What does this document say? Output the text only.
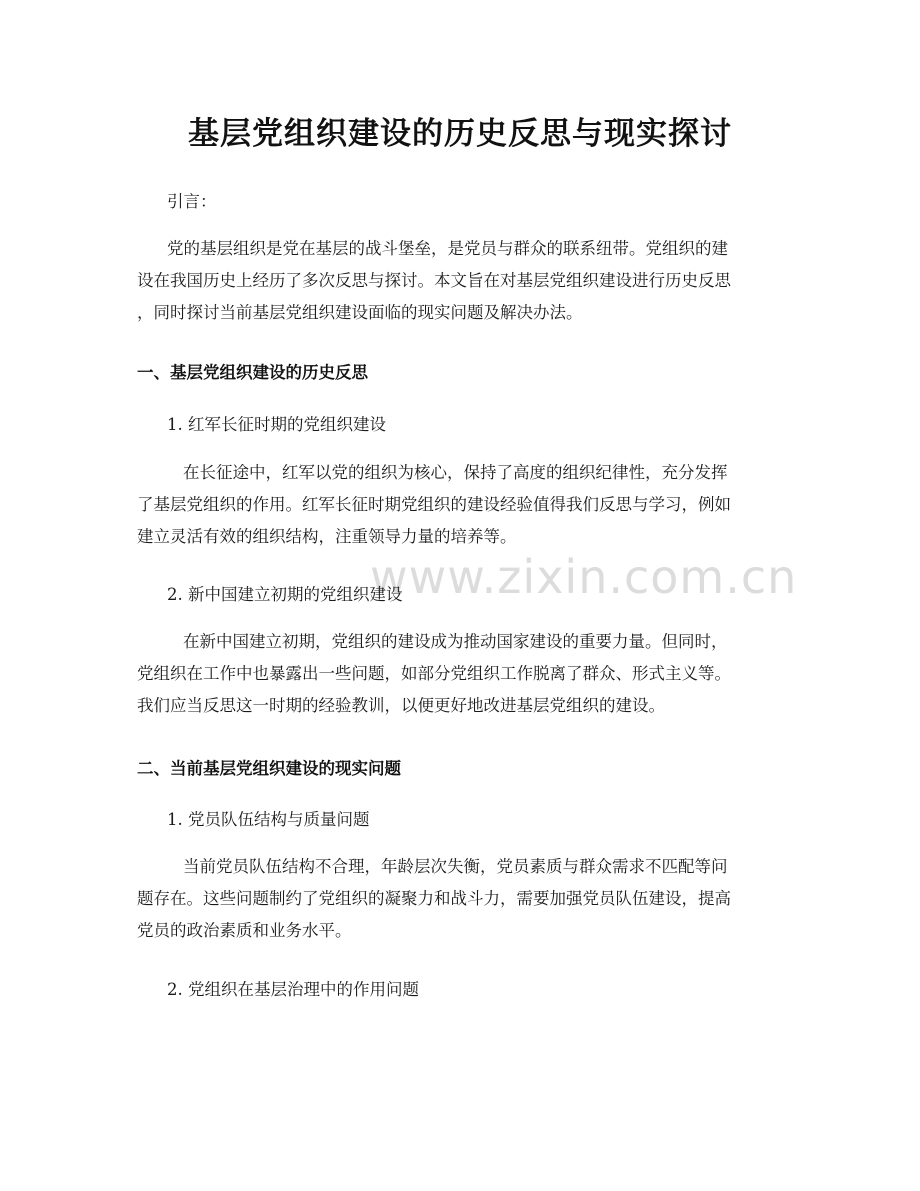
www.zixin.com.cn
基层党组织建设的历史反思与现实探讨
引言：
党的基层组织是党在基层的战斗堡垒，是党员与群众的联系纽带。党组织的建
设在我国历史上经历了多次反思与探讨。本文旨在对基层党组织建设进行历史反思
，同时探讨当前基层党组织建设面临的现实问题及解决办法。
一、基层党组织建设的历史反思
1. 红军长征时期的党组织建设
在长征途中，红军以党的组织为核心，保持了高度的组织纪律性，充分发挥
了基层党组织的作用。红军长征时期党组织的建设经验值得我们反思与学习，例如
建立灵活有效的组织结构，注重领导力量的培养等。
2. 新中国建立初期的党组织建设
在新中国建立初期，党组织的建设成为推动国家建设的重要力量。但同时，
党组织在工作中也暴露出一些问题，如部分党组织工作脱离了群众、形式主义等。
我们应当反思这一时期的经验教训，以便更好地改进基层党组织的建设。
二、当前基层党组织建设的现实问题
1. 党员队伍结构与质量问题
当前党员队伍结构不合理，年龄层次失衡，党员素质与群众需求不匹配等问
题存在。这些问题制约了党组织的凝聚力和战斗力，需要加强党员队伍建设，提高
党员的政治素质和业务水平。
2. 党组织在基层治理中的作用问题
